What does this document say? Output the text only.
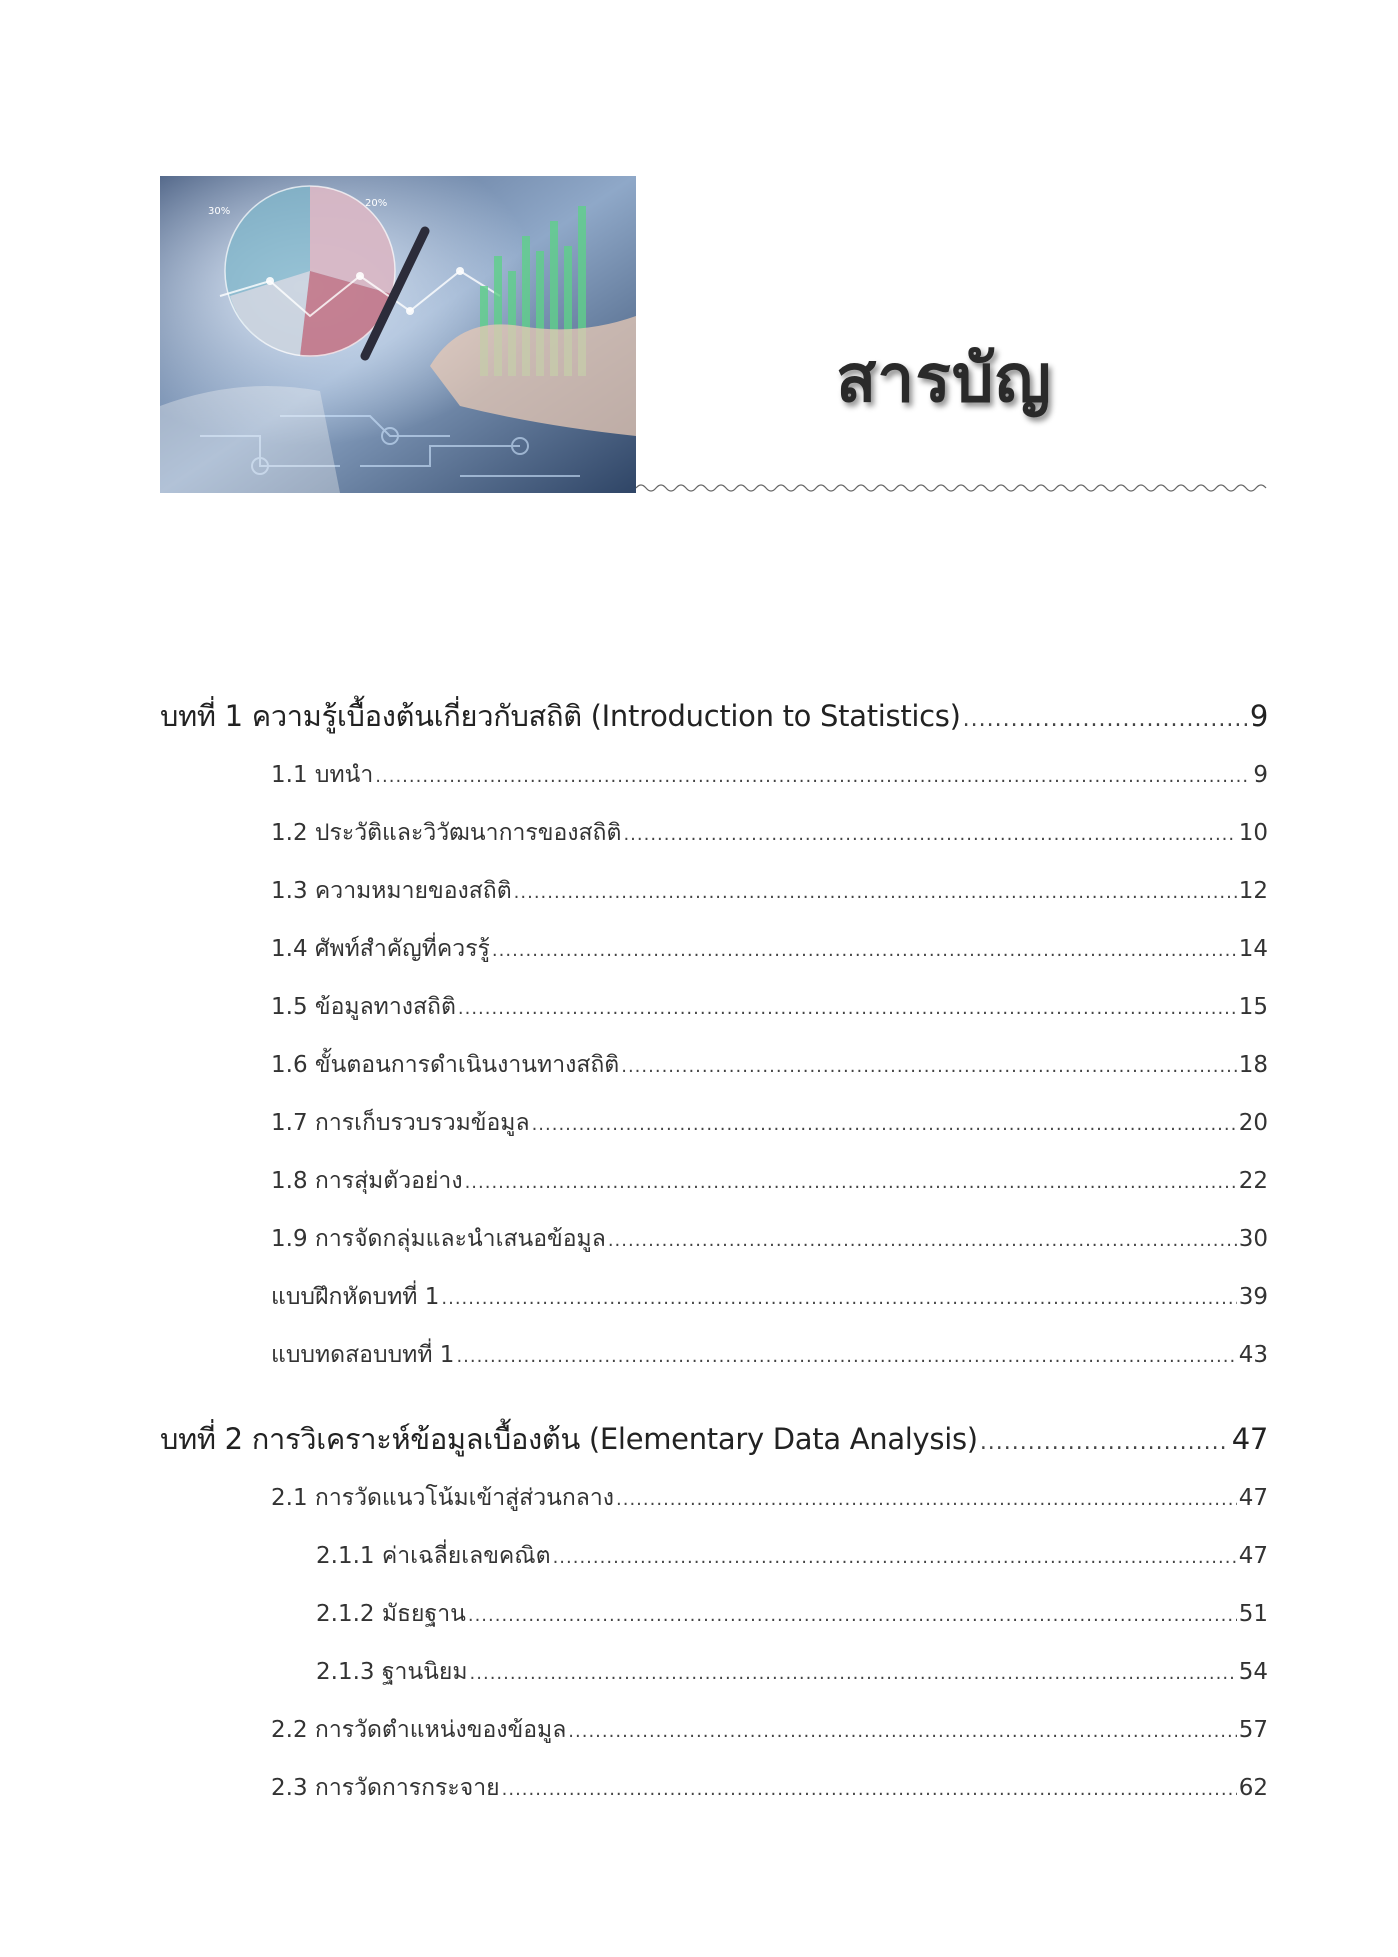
30%
20%
สารบัญ
บทที่ 1 ความรู้เบื้องต้นเกี่ยวกับสถิติ (Introduction to Statistics) .....	9
1.1 บทนำ .....	9
1.2 ประวัติและวิวัฒนาการของสถิติ .....	10
1.3 ความหมายของสถิติ .....	12
1.4 ศัพท์สำคัญที่ควรรู้ .....	14
1.5 ข้อมูลทางสถิติ .....	15
1.6 ขั้นตอนการดำเนินงานทางสถิติ .....	18
1.7 การเก็บรวบรวมข้อมูล .....	20
1.8 การสุ่มตัวอย่าง .....	22
1.9 การจัดกลุ่มและนำเสนอข้อมูล .....	30
แบบฝึกหัดบทที่ 1 .....	39
แบบทดสอบบทที่ 1 .....	43
บทที่ 2 การวิเคราะห์ข้อมูลเบื้องต้น (Elementary Data Analysis) .....	47
2.1 การวัดแนวโน้มเข้าสู่ส่วนกลาง .....	47
2.1.1 ค่าเฉลี่ยเลขคณิต .....	47
2.1.2 มัธยฐาน .....	51
2.1.3 ฐานนิยม .....	54
2.2 การวัดตำแหน่งของข้อมูล .....	57
2.3 การวัดการกระจาย .....	62
